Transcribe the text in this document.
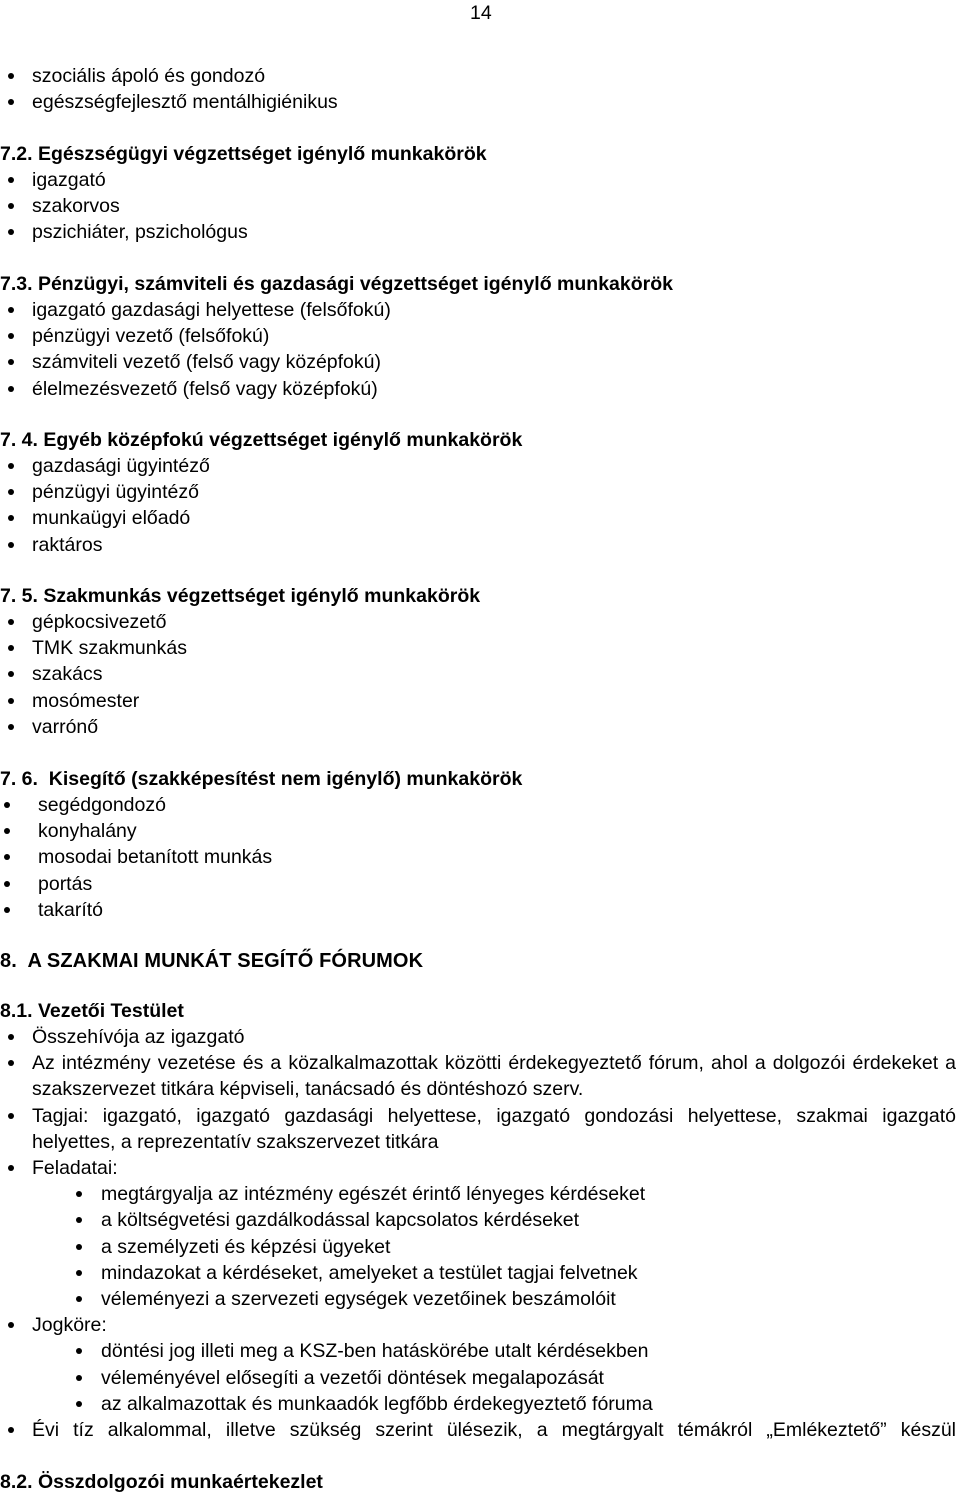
14
szociális ápoló és gondozó
egészségfejlesztő mentálhigiénikus
7.2. Egészségügyi végzettséget igénylő munkakörök
igazgató
szakorvos
pszichiáter, pszichológus
7.3. Pénzügyi, számviteli és gazdasági végzettséget igénylő munkakörök
igazgató gazdasági helyettese (felsőfokú)
pénzügyi vezető (felsőfokú)
számviteli vezető (felső vagy középfokú)
élelmezésvezető (felső vagy középfokú)
7. 4. Egyéb középfokú végzettséget igénylő munkakörök
gazdasági ügyintéző
pénzügyi ügyintéző
munkaügyi előadó
raktáros
7. 5. Szakmunkás végzettséget igénylő munkakörök
gépkocsivezető
TMK szakmunkás
szakács
mosómester
varrónő
7. 6.  Kisegítő (szakképesítést nem igénylő) munkakörök
segédgondozó
konyhalány
mosodai betanított munkás
portás
takarító
8.  A SZAKMAI MUNKÁT SEGÍTŐ FÓRUMOK
8.1. Vezetői Testület
Összehívója az igazgató
Az intézmény vezetése és a közalkalmazottak közötti érdekegyeztető fórum, ahol a dolgozói érdekeket a szakszervezet titkára képviseli, tanácsadó és döntéshozó szerv.
Tagjai: igazgató, igazgató gazdasági helyettese, igazgató gondozási helyettese, szakmai igazgató helyettes, a reprezentatív szakszervezet titkára
Feladatai:
megtárgyalja az intézmény egészét érintő lényeges kérdéseket
a költségvetési gazdálkodással kapcsolatos kérdéseket
a személyzeti és képzési ügyeket
mindazokat a kérdéseket, amelyeket a testület tagjai felvetnek
véleményezi a szervezeti egységek vezetőinek beszámolóit
Jogköre:
döntési jog illeti meg a KSZ-ben hatáskörébe utalt kérdésekben
véleményével elősegíti a vezetői döntések megalapozását
az alkalmazottak és munkaadók legfőbb érdekegyeztető fóruma
Évi tíz alkalommal, illetve szükség szerint ülésezik, a megtárgyalt témákról „Emlékeztető” készül
8.2. Összdolgozói munkaértekezlet
